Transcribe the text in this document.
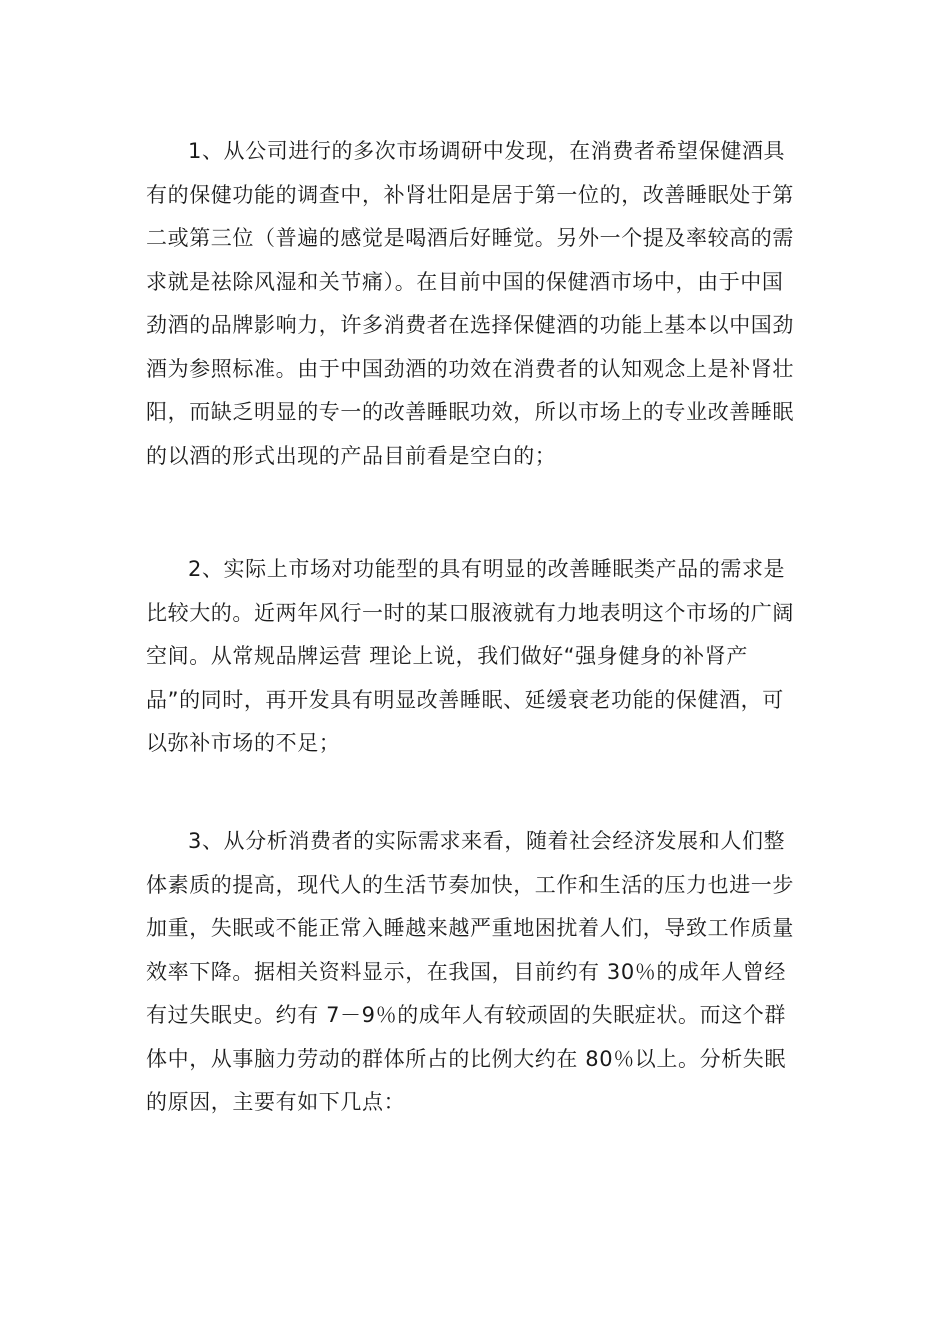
1、从公司进行的多次市场调研中发现，在消费者希望保健酒具
有的保健功能的调查中，补肾壮阳是居于第一位的，改善睡眠处于第
二或第三位（普遍的感觉是喝酒后好睡觉。另外一个提及率较高的需
求就是祛除风湿和关节痛）。在目前中国的保健酒市场中，由于中国
劲酒的品牌影响力，许多消费者在选择保健酒的功能上基本以中国劲
酒为参照标准。由于中国劲酒的功效在消费者的认知观念上是补肾壮
阳，而缺乏明显的专一的改善睡眠功效，所以市场上的专业改善睡眠
的以酒的形式出现的产品目前看是空白的；
2、实际上市场对功能型的具有明显的改善睡眠类产品的需求是
比较大的。近两年风行一时的某口服液就有力地表明这个市场的广阔
空间。从常规品牌运营 理论上说，我们做好“强身健身的补肾产
品”的同时，再开发具有明显改善睡眠、延缓衰老功能的保健酒，可
以弥补市场的不足；
3、从分析消费者的实际需求来看，随着社会经济发展和人们整
体素质的提高，现代人的生活节奏加快，工作和生活的压力也进一步
加重，失眠或不能正常入睡越来越严重地困扰着人们，导致工作质量
效率下降。据相关资料显示，在我国，目前约有 30％的成年人曾经
有过失眠史。约有 7－9％的成年人有较顽固的失眠症状。而这个群
体中，从事脑力劳动的群体所占的比例大约在 80％以上。分析失眠
的原因，主要有如下几点：
